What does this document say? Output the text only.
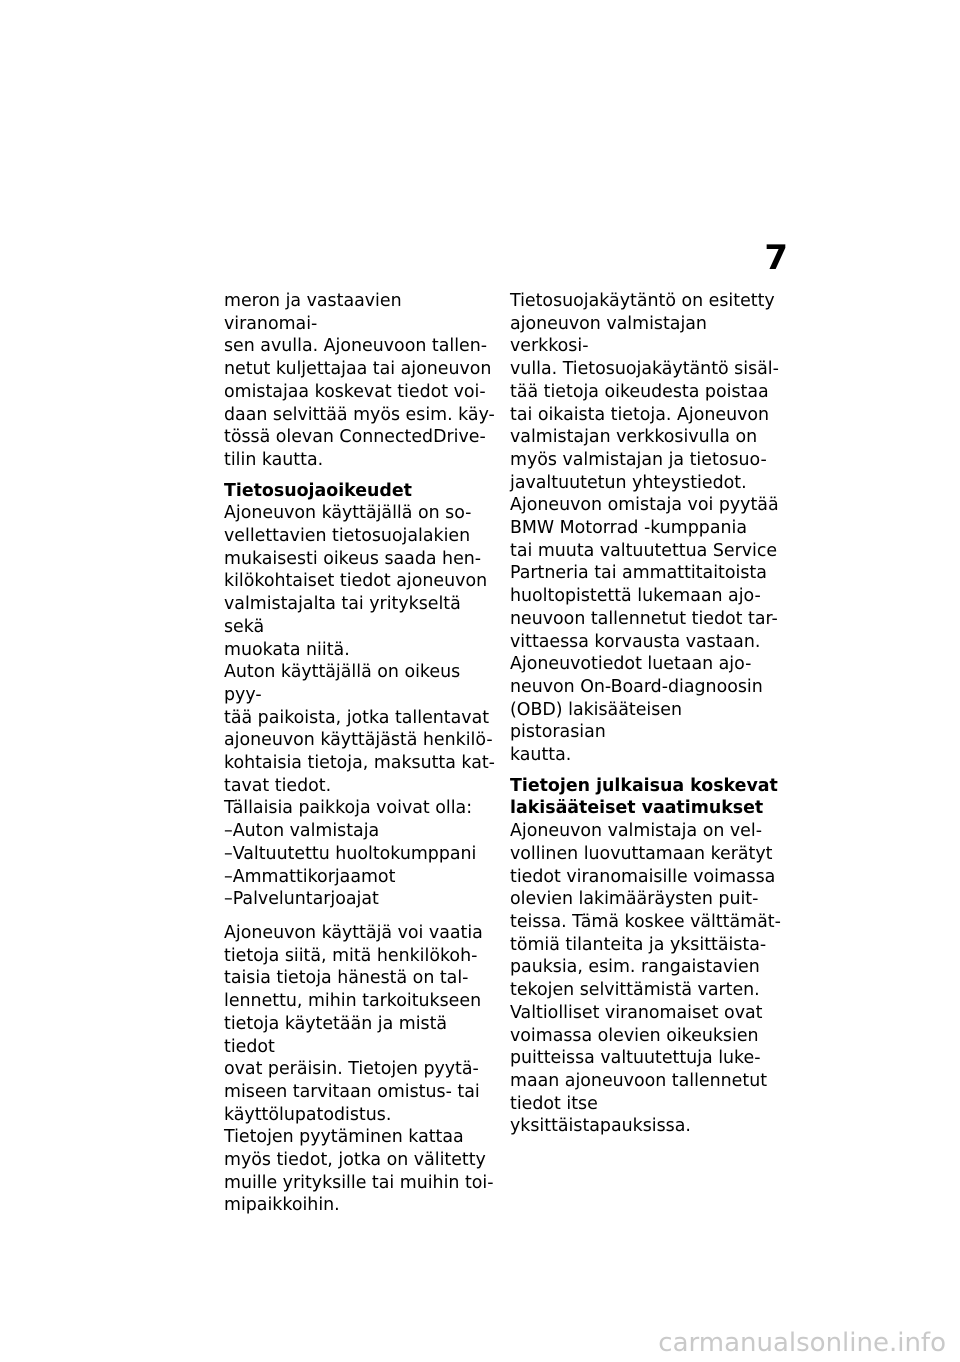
7

meron ja vastaavien viranomai-
sen avulla. Ajoneuvoon tallen-
netut kuljettajaa tai ajoneuvon
omistajaa koskevat tiedot voi-
daan selvittää myös esim. käy-
tössä olevan ConnectedDrive-
tilin kautta.

Tietosuojaoikeudet

Ajoneuvon käyttäjällä on so-
vellettavien tietosuojalakien
mukaisesti oikeus saada hen-
kilökohtaiset tiedot ajoneuvon
valmistajalta tai yritykseltä sekä
muokata niitä.

Auton käyttäjällä on oikeus pyy-
tää paikoista, jotka tallentavat
ajoneuvon käyttäjästä henkilö-
kohtaisia tietoja, maksutta kat-
tavat tiedot.

Tällaisia paikkoja voivat olla:

– Auton valmistaja
– Valtuutettu huoltokumppani
– Ammattikorjaamot
– Palveluntarjoajat

Ajoneuvon käyttäjä voi vaatia
tietoja siitä, mitä henkilökoh-
taisia tietoja hänestä on tal-
lennettu, mihin tarkoitukseen
tietoja käytetään ja mistä tiedot
ovat peräisin. Tietojen pyytä-
miseen tarvitaan omistus- tai
käyttölupatodistus.

Tietojen pyytäminen kattaa
myös tiedot, jotka on välitetty
muille yrityksille tai muihin toi-
mipaikkoihin.

Tietosuojakäytäntö on esitetty
ajoneuvon valmistajan verkkosi-
vulla. Tietosuojakäytäntö sisäl-
tää tietoja oikeudesta poistaa
tai oikaista tietoja. Ajoneuvon
valmistajan verkkosivulla on
myös valmistajan ja tietosuo-
javaltuutetun yhteystiedot.

Ajoneuvon omistaja voi pyytää
BMW Motorrad -kumppania
tai muuta valtuutettua Service
Partneria tai ammattitaitoista
huoltopistettä lukemaan ajo-
neuvoon tallennetut tiedot tar-
vittaessa korvausta vastaan.

Ajoneuvotiedot luetaan ajo-
neuvon On-Board-diagnoosin
(OBD) lakisääteisen pistorasian
kautta.

Tietojen julkaisua koskevat
lakisääteiset vaatimukset

Ajoneuvon valmistaja on vel-
vollinen luovuttamaan kerätyt
tiedot viranomaisille voimassa
olevien lakimääräysten puit-
teissa. Tämä koskee välttämät-
tömiä tilanteita ja yksittäista-
pauksia, esim. rangaistavien
tekojen selvittämistä varten.

Valtiolliset viranomaiset ovat
voimassa olevien oikeuksien
puitteissa valtuutettuja luke-
maan ajoneuvoon tallennetut
tiedot itse yksittäistapauksissa.

carmanualsonline.info
